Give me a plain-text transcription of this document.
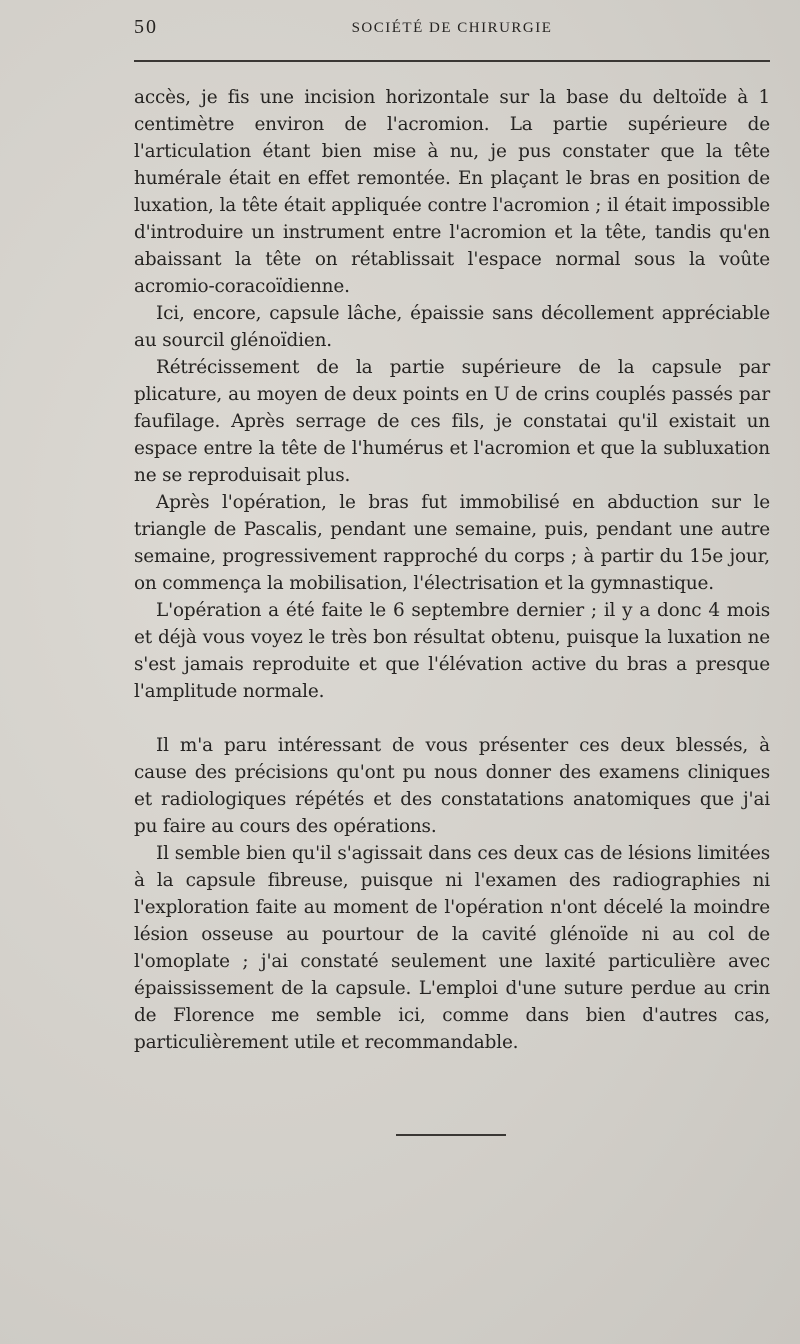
50	SOCIÉTÉ DE CHIRURGIE

accès, je fis une incision horizontale sur la base du deltoïde à 1 centimètre environ de l'acromion. La partie supérieure de l'articulation étant bien mise à nu, je pus constater que la tête humérale était en effet remontée. En plaçant le bras en position de luxation, la tête était appliquée contre l'acromion ; il était impossible d'introduire un instrument entre l'acromion et la tête, tandis qu'en abaissant la tête on rétablissait l'espace normal sous la voûte acromio-coracoïdienne.

Ici, encore, capsule lâche, épaissie sans décollement appréciable au sourcil glénoïdien.

Rétrécissement de la partie supérieure de la capsule par plicature, au moyen de deux points en U de crins couplés passés par faufilage. Après serrage de ces fils, je constatai qu'il existait un espace entre la tête de l'humérus et l'acromion et que la subluxation ne se reproduisait plus.

Après l'opération, le bras fut immobilisé en abduction sur le triangle de Pascalis, pendant une semaine, puis, pendant une autre semaine, progressivement rapproché du corps ; à partir du 15e jour, on commença la mobilisation, l'électrisation et la gymnastique.

L'opération a été faite le 6 septembre dernier ; il y a donc 4 mois et déjà vous voyez le très bon résultat obtenu, puisque la luxation ne s'est jamais reproduite et que l'élévation active du bras a presque l'amplitude normale.

Il m'a paru intéressant de vous présenter ces deux blessés, à cause des précisions qu'ont pu nous donner des examens cliniques et radiologiques répétés et des constatations anatomiques que j'ai pu faire au cours des opérations.

Il semble bien qu'il s'agissait dans ces deux cas de lésions limitées à la capsule fibreuse, puisque ni l'examen des radiographies ni l'exploration faite au moment de l'opération n'ont décelé la moindre lésion osseuse au pourtour de la cavité glénoïde ni au col de l'omoplate ; j'ai constaté seulement une laxité particulière avec épaississement de la capsule. L'emploi d'une suture perdue au crin de Florence me semble ici, comme dans bien d'autres cas, particulièrement utile et recommandable.
